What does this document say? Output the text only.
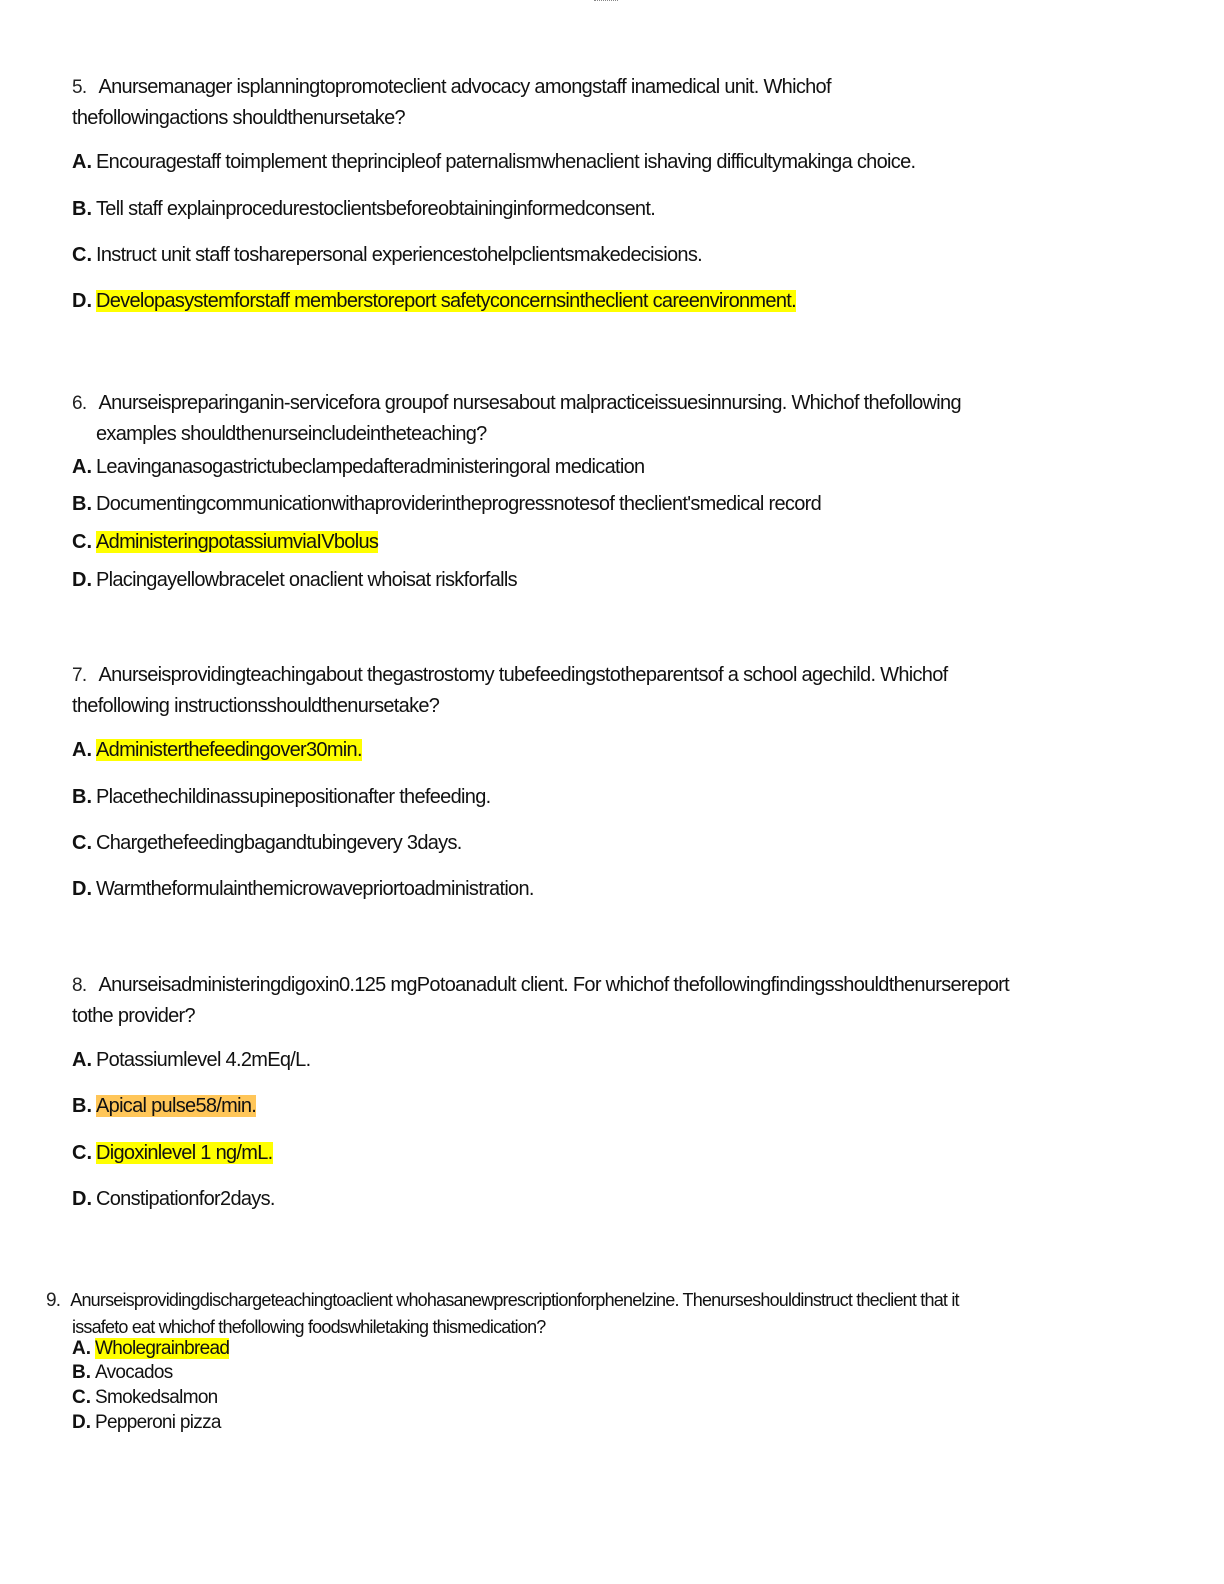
5. Anursemanager isplanningtopromoteclient advocacy amongstaff inamedical unit. Whichof
thefollowingactions shouldthenursetake?
A. Encouragestaff toimplement theprincipleof paternalismwhenaclient ishaving difficultymakinga choice.
B. Tell staff explainprocedurestoclientsbeforeobtaininginformedconsent.
C. Instruct unit staff tosharepersonal experiencestohelpclientsmakedecisions.
D. Developasystemforstaff memberstoreport safetyconcernsintheclient careenvironment.
6. Anurseispreparinganin-servicefora groupof nursesabout malpracticeissuesinnursing. Whichof thefollowing
examples shouldthenurseincludeintheteaching?
A. Leavinganasogastrictubeclampedafteradministeringoral medication
B. Documentingcommunicationwithaproviderintheprogressnotesof theclient'smedical record
C. AdministeringpotassiumviaIVbolus
D. Placingayellowbracelet onaclient whoisat riskforfalls
7. Anurseisprovidingteachingabout thegastrostomy tubefeedingstotheparentsof a school agechild. Whichof
thefollowing instructionsshouldthenursetake?
A. Administerthefeedingover30min.
B. Placethechildinassupinepositionafter thefeeding.
C. Chargethefeedingbagandtubingevery 3days.
D. Warmtheformulainthemicrowavepriortoadministration.
8. Anurseisadministeringdigoxin0.125 mgPotoanadult client. For whichof thefollowingfindingsshouldthenursereport
tothe provider?
A. Potassiumlevel 4.2mEq/L.
B. Apical pulse58/min.
C. Digoxinlevel 1 ng/mL.
D. Constipationfor2days.
9. Anurseisprovidingdischargeteachingtoaclient whohasanewprescriptionforphenelzine. Thenurseshouldinstruct theclient that it
issafeto eat whichof thefollowing foodswhiletaking thismedication?
A. Wholegrainbread
B. Avocados
C. Smokedsalmon
D. Pepperoni pizza
